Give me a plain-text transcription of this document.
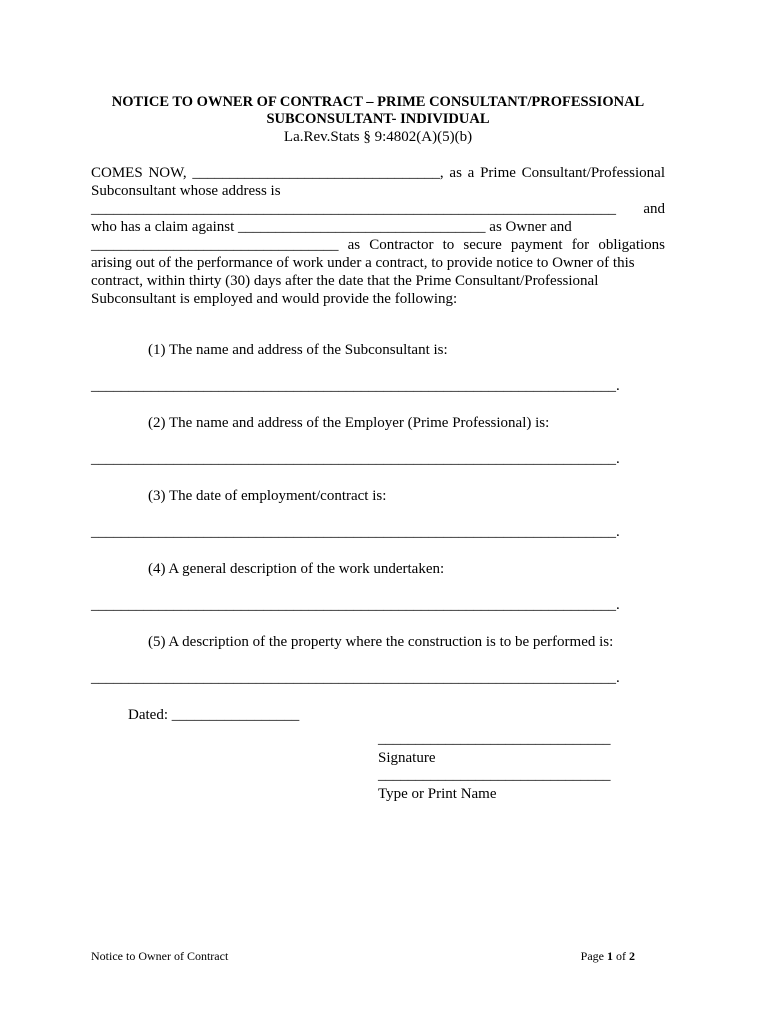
NOTICE TO OWNER OF CONTRACT – PRIME CONSULTANT/PROFESSIONAL
SUBCONSULTANT- INDIVIDUAL
La.Rev.Stats § 9:4802(A)(5)(b)
COMES NOW, _________________________________, as a Prime Consultant/Professional
Subconsultant whose address is
______________________________________________________________________ and
who has a claim against _________________________________ as Owner and
_________________________________ as Contractor to secure payment for obligations
arising out of the performance of work under a contract, to provide notice to Owner of this
contract, within thirty (30) days after the date that the Prime Consultant/Professional
Subconsultant is employed and would provide the following:
(1) The name and address of the Subconsultant is:
______________________________________________________________________.
(2) The name and address of the Employer (Prime Professional) is:
______________________________________________________________________.
(3) The date of employment/contract is:
______________________________________________________________________.
(4) A general description of the work undertaken:
______________________________________________________________________.
(5) A description of the property where the construction is to be performed is:
______________________________________________________________________.
Dated: _________________
_______________________________
Signature
_______________________________
Type or Print Name
Notice to Owner of Contract	Page 1 of 2
